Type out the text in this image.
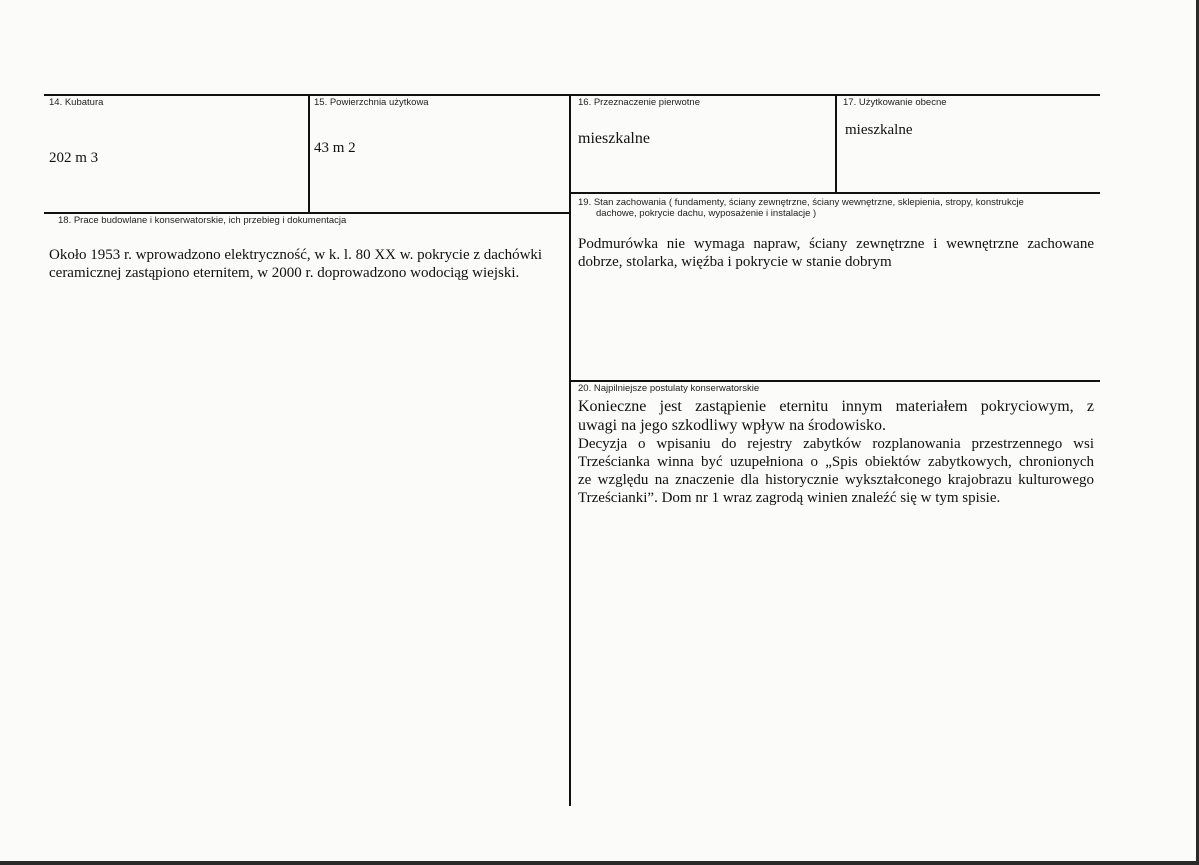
14. Kubatura
202 m 3
15. Powierzchnia użytkowa
43 m 2
16. Przeznaczenie pierwotne
mieszkalne
17. Użytkowanie obecne
mieszkalne
18. Prace budowlane i konserwatorskie, ich przebieg i dokumentacja
Około 1953 r. wprowadzono elektryczność, w k. l. 80 XX w. pokrycie z dachówki
ceramicznej zastąpiono eternitem, w 2000 r. doprowadzono wodociąg wiejski.
19. Stan zachowania ( fundamenty, ściany zewnętrzne, ściany wewnętrzne, sklepienia, stropy, konstrukcje
dachowe, pokrycie dachu, wyposażenie i instalacje )
Podmurówka nie wymaga napraw, ściany zewnętrzne i wewnętrzne zachowane
dobrze, stolarka, więźba i pokrycie w stanie dobrym
20. Najpilniejsze postulaty konserwatorskie
Konieczne jest zastąpienie eternitu innym materiałem pokryciowym, z
uwagi na jego szkodliwy wpływ na środowisko.
Decyzja o wpisaniu do rejestry zabytków rozplanowania przestrzennego wsi
Trześcianka winna być uzupełniona o „Spis obiektów zabytkowych, chronionych
ze względu na znaczenie dla historycznie wykształconego krajobrazu kulturowego
Trześcianki”. Dom nr 1 wraz zagrodą winien znaleźć się w tym spisie.
